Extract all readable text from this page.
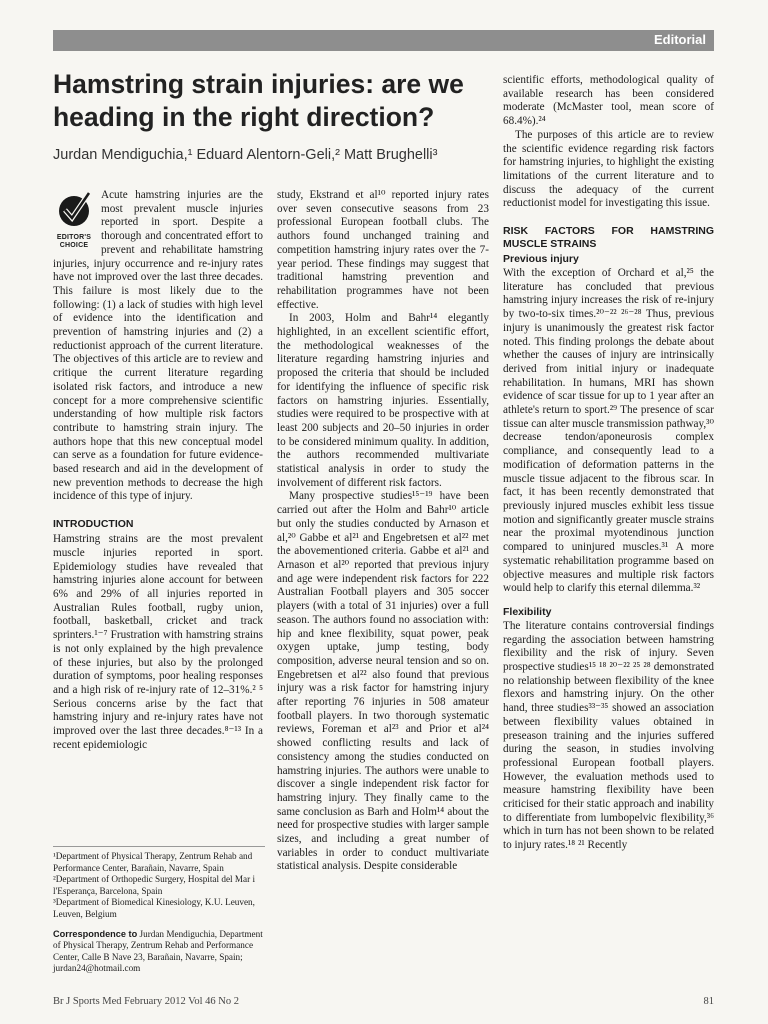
Editorial
Hamstring strain injuries: are we heading in the right direction?
Jurdan Mendiguchia,¹ Eduard Alentorn-Geli,² Matt Brughelli³
EDITOR'S
CHOICE

Acute hamstring injuries are the most prevalent muscle injuries reported in sport. Despite a thorough and concentrated effort to prevent and rehabilitate hamstring injuries, injury occurrence and re-injury rates have not improved over the last three decades. This failure is most likely due to the following: (1) a lack of studies with high level of evidence into the identification and prevention of hamstring injuries and (2) a reductionist approach of the current literature. The objectives of this article are to review and critique the current literature regarding isolated risk factors, and introduce a new concept for a more comprehensive scientific understanding of how multiple risk factors contribute to hamstring strain injury. The authors hope that this new conceptual model can serve as a foundation for future evidence-based research and aid in the development of new prevention methods to decrease the high incidence of this type of injury.

INTRODUCTION

Hamstring strains are the most prevalent muscle injuries reported in sport. Epidemiology studies have revealed that hamstring injuries alone account for between 6% and 29% of all injuries reported in Australian Rules football, rugby union, football, basketball, cricket and track sprinters.¹⁻⁷ Frustration with hamstring strains is not only explained by the high prevalence of these injuries, but also by the prolonged duration of symptoms, poor healing responses and a high risk of re-injury rate of 12–31%.² ⁵ Serious concerns arise by the fact that hamstring injury and re-injury rates have not improved over the last three decades.⁸⁻¹³ In a recent epidemiologic

¹Department of Physical Therapy, Zentrum Rehab and Performance Center, Barañain, Navarre, Spain

²Department of Orthopedic Surgery, Hospital del Mar i l'Esperança, Barcelona, Spain

³Department of Biomedical Kinesiology, K.U. Leuven, Leuven, Belgium

Correspondence to Jurdan Mendiguchia, Department of Physical Therapy, Zentrum Rehab and Performance Center, Calle B Nave 23, Barañain, Navarre, Spain; jurdan24@hotmail.com

study, Ekstrand et al¹⁰ reported injury rates over seven consecutive seasons from 23 professional European football clubs. The authors found unchanged training and competition hamstring injury rates over the 7-year period. These findings may suggest that traditional hamstring prevention and rehabilitation programmes have not been effective.

In 2003, Holm and Bahr¹⁴ elegantly highlighted, in an excellent scientific effort, the methodological weaknesses of the literature regarding hamstring injuries and proposed the criteria that should be included for identifying the influence of specific risk factors on hamstring injuries. Essentially, studies were required to be prospective with at least 200 subjects and 20–50 injuries in order to be considered minimum quality. In addition, the authors recommended multivariate statistical analysis in order to study the involvement of different risk factors.

Many prospective studies¹⁵⁻¹⁹ have been carried out after the Holm and Bahr¹⁰ article but only the studies conducted by Arnason et al,²⁰ Gabbe et al²¹ and Engebretsen et al²² met the abovementioned criteria. Gabbe et al²¹ and Arnason et al²⁰ reported that previous injury and age were independent risk factors for 222 Australian Football players and 305 soccer players (with a total of 31 injuries) over a full season. The authors found no association with: hip and knee flexibility, squat power, peak oxygen uptake, jump testing, body composition, adverse neural tension and so on. Engebretsen et al²² also found that previous injury was a risk factor for hamstring injury after reporting 76 injuries in 508 amateur football players. In two thorough systematic reviews, Foreman et al²³ and Prior et al²⁴ showed conflicting results and lack of consistency among the studies conducted on hamstring injuries. The authors were unable to discover a single independent risk factor for hamstring injury. They finally came to the same conclusion as Barh and Holm¹⁴ about the need for prospective studies with larger sample sizes, and including a great number of variables in order to conduct multivariate statistical analysis. Despite considerable

scientific efforts, methodological quality of available research has been considered moderate (McMaster tool, mean score of 68.4%).²⁴

The purposes of this article are to review the scientific evidence regarding risk factors for hamstring injuries, to highlight the existing limitations of the current literature and to discuss the adequacy of the current reductionist model for investigating this issue.

RISK FACTORS FOR HAMSTRING MUSCLE STRAINS
Previous injury

With the exception of Orchard et al,²⁵ the literature has concluded that previous hamstring injury increases the risk of re-injury by two-to-six times.²⁰⁻²² ²⁶⁻²⁸ Thus, previous injury is unanimously the greatest risk factor noted. This finding prolongs the debate about whether the causes of injury are intrinsically derived from initial injury or inadequate rehabilitation. In humans, MRI has shown evidence of scar tissue for up to 1 year after an athlete's return to sport.²⁹ The presence of scar tissue can alter muscle transmission pathway,³⁰ decrease tendon/aponeurosis complex compliance, and consequently lead to a modification of deformation patterns in the muscle tissue adjacent to the fibrous scar. In fact, it has been recently demonstrated that previously injured muscles exhibit less tissue motion and significantly greater muscle strains near the proximal myotendinous junction compared to uninjured muscles.³¹ A more systematic rehabilitation programme based on objective measures and multiple risk factors would help to clarify this eternal dilemma.³²

Flexibility

The literature contains controversial findings regarding the association between hamstring flexibility and the risk of injury. Seven prospective studies¹⁵ ¹⁸ ²⁰⁻²² ²⁵ ²⁸ demonstrated no relationship between flexibility of the knee flexors and hamstring injury. On the other hand, three studies³³⁻³⁵ showed an association between flexibility values obtained in preseason training and the injuries suffered during the season, in studies involving professional European football players. However, the evaluation methods used to measure hamstring flexibility have been criticised for their static approach and inability to differentiate from lumbopelvic flexibility,³⁶ which in turn has not been shown to be related to injury rates.¹⁸ ²¹ Recently

Br J Sports Med February 2012 Vol 46 No 2	81
